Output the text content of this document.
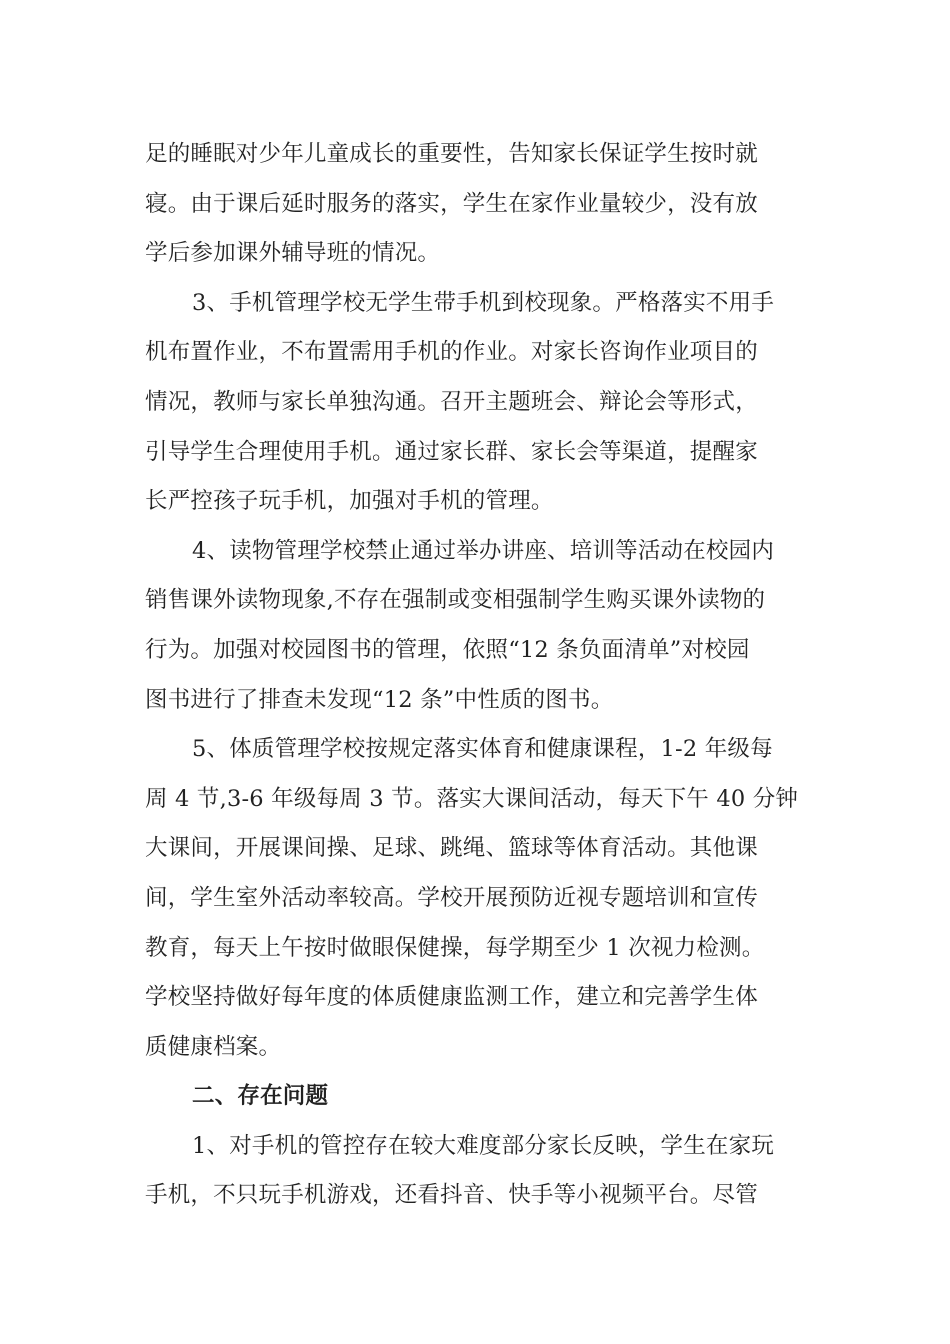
足的睡眠对少年儿童成长的重要性，告知家长保证学生按时就
寝。由于课后延时服务的落实，学生在家作业量较少，没有放
学后参加课外辅导班的情况。
3、手机管理学校无学生带手机到校现象。严格落实不用手
机布置作业，不布置需用手机的作业。对家长咨询作业项目的
情况，教师与家长单独沟通。召开主题班会、辩论会等形式，
引导学生合理使用手机。通过家长群、家长会等渠道，提醒家
长严控孩子玩手机，加强对手机的管理。
4、读物管理学校禁止通过举办讲座、培训等活动在校园内
销售课外读物现象,不存在强制或变相强制学生购买课外读物的
行为。加强对校园图书的管理，依照“12 条负面清单”对校园
图书进行了排查未发现“12 条”中性质的图书。
5、体质管理学校按规定落实体育和健康课程，1-2 年级每
周 4 节,3-6 年级每周 3 节。落实大课间活动，每天下午 40 分钟
大课间，开展课间操、足球、跳绳、篮球等体育活动。其他课
间，学生室外活动率较高。学校开展预防近视专题培训和宣传
教育，每天上午按时做眼保健操，每学期至少 1 次视力检测。
学校坚持做好每年度的体质健康监测工作，建立和完善学生体
质健康档案。
二、存在问题
1、对手机的管控存在较大难度部分家长反映，学生在家玩
手机，不只玩手机游戏，还看抖音、快手等小视频平台。尽管
